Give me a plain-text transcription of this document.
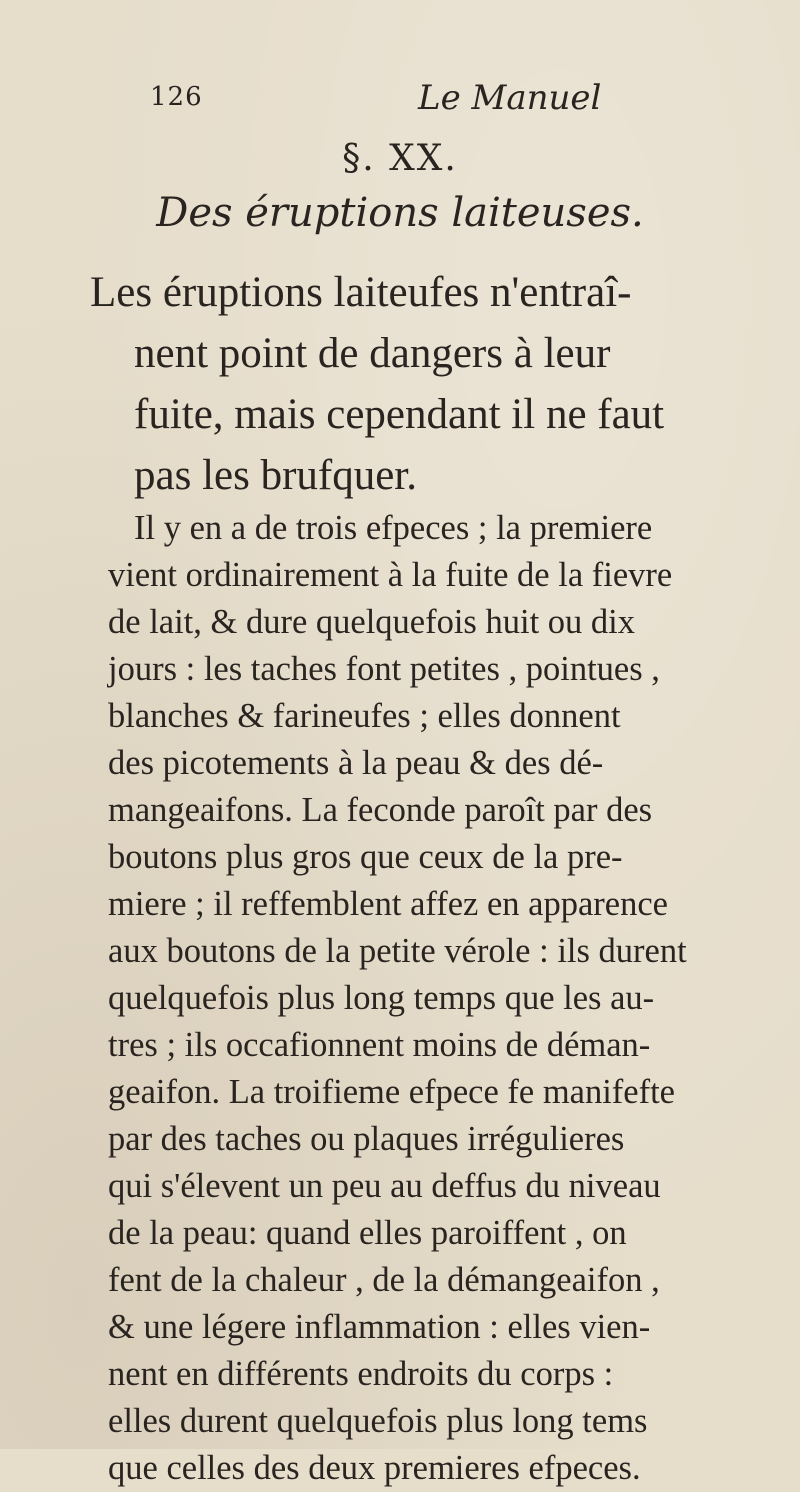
126	Le Manuel
§. XX.
Des éruptions laiteuses.

Les éruptions laiteufes n'entraî-
nent point de dangers à leur
fuite, mais cependant il ne faut
pas les brufquer.

Il y en a de trois efpeces ; la premiere
vient ordinairement à la fuite de la fievre
de lait, & dure quelquefois huit ou dix
jours : les taches font petites , pointues ,
blanches & farineufes ; elles donnent
des picotements à la peau & des dé-
mangeaifons. La feconde paroît par des
boutons plus gros que ceux de la pre-
miere ; il reffemblent affez en apparence
aux boutons de la petite vérole : ils durent
quelquefois plus long temps que les au-
tres ; ils occafionnent moins de déman-
geaifon. La troifieme efpece fe manifefte
par des taches ou plaques irrégulieres
qui s'élevent un peu au deffus du niveau
de la peau: quand elles paroiffent , on
fent de la chaleur , de la démangeaifon ,
& une légere inflammation : elles vien-
nent en différents endroits du corps :
elles durent quelquefois plus long tems
que celles des deux premieres efpeces.
